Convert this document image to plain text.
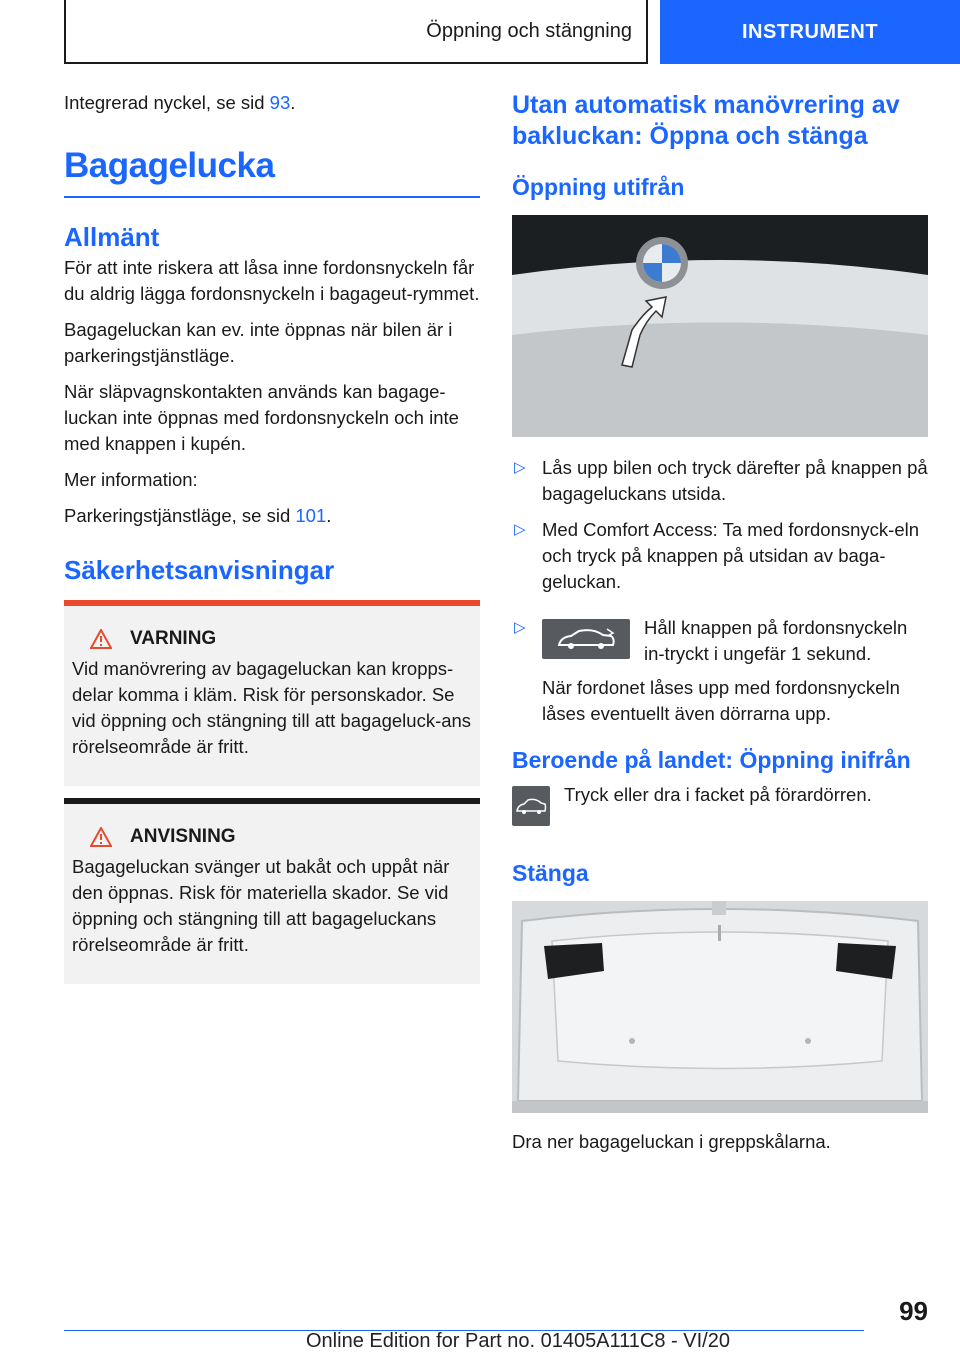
Öppning och stängning	INSTRUMENT

Integrerad nyckel, se sid 93.

Bagagelucka
Allmänt

För att inte riskera att låsa inne fordonsnyckeln får du aldrig lägga fordonsnyckeln i bagageut-rymmet.

Bagageluckan kan ev. inte öppnas när bilen är i parkeringstjänstläge.

När släpvagnskontakten används kan bagage-luckan inte öppnas med fordonsnyckeln och inte med knappen i kupén.

Mer information:

Parkeringstjänstläge, se sid 101.

Säkerhetsanvisningar
VARNING

Vid manövrering av bagageluckan kan kropps-delar komma i kläm. Risk för personskador. Se vid öppning och stängning till att bagageluck-ans rörelseområde är fritt.

ANVISNING

Bagageluckan svänger ut bakåt och uppåt när den öppnas. Risk för materiella skador. Se vid öppning och stängning till att bagageluckans rörelseområde är fritt.

Utan automatisk manövrering av bakluckan: Öppna och stänga
Öppning utifrån
▷ Lås upp bilen och tryck därefter på knappen på bagageluckans utsida.
▷ Med Comfort Access: Ta med fordonsnyck-eln och tryck på knappen på utsidan av baga-geluckan.
▷	Håll knappen på fordonsnyckeln in-tryckt i ungefär 1 sekund.

När fordonet låses upp med fordonsnyckeln låses eventuellt även dörrarna upp.

Beroende på landet: Öppning inifrån

Tryck eller dra i facket på förardörren.

Stänga

Dra ner bagageluckan i greppskålarna.

99
Online Edition for Part no. 01405A111C8 - VI/20
